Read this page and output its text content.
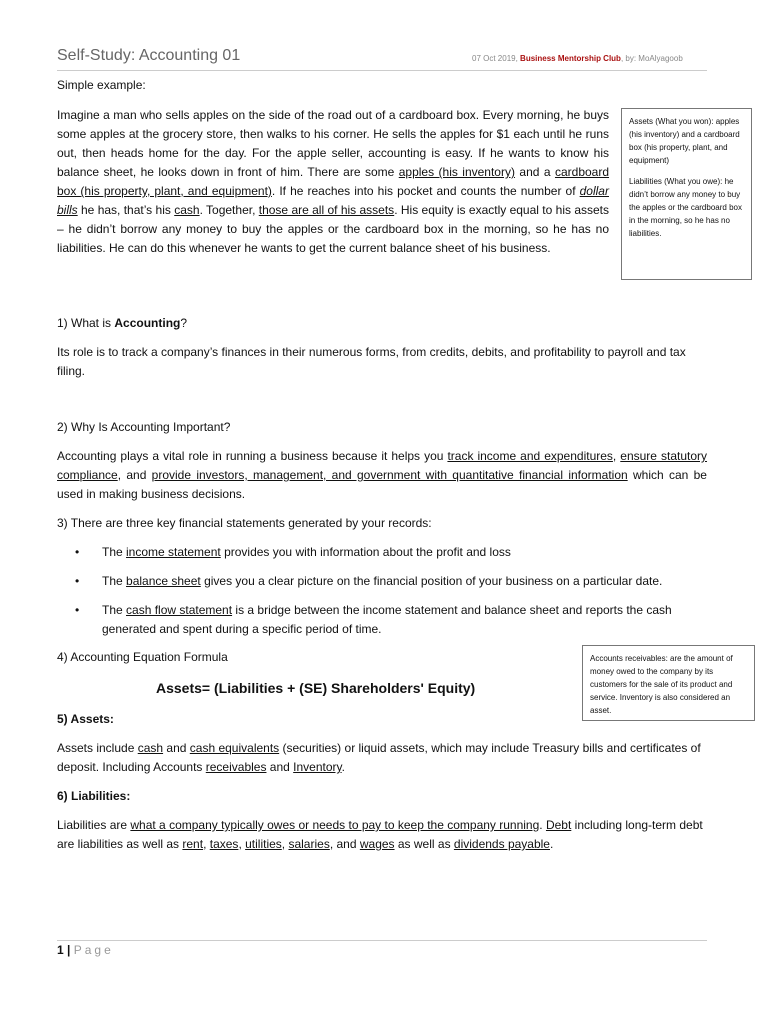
Self-Study: Accounting 01	07 Oct 2019, Business Mentorship Club, by: MoAlyagoob
Simple example:
Imagine a man who sells apples on the side of the road out of a cardboard box. Every morning, he buys some apples at the grocery store, then walks to his corner. He sells the apples for $1 each until he runs out, then heads home for the day. For the apple seller, accounting is easy. If he wants to know his balance sheet, he looks down in front of him. There are some apples (his inventory) and a cardboard box (his property, plant, and equipment). If he reaches into his pocket and counts the number of dollar bills he has, that’s his cash. Together, those are all of his assets. His equity is exactly equal to his assets – he didn’t borrow any money to buy the apples or the cardboard box in the morning, so he has no liabilities. He can do this whenever he wants to get the current balance sheet of his business.

Assets (What you won): apples (his inventory) and a cardboard box (his property, plant, and equipment)

Liabilities (What you owe): he didn’t borrow any money to buy the apples or the cardboard box in the morning, so he has no liabilities.

1) What is Accounting?
Its role is to track a company’s finances in their numerous forms, from credits, debits, and profitability to payroll and tax filing.
2) Why Is Accounting Important?
Accounting plays a vital role in running a business because it helps you track income and expenditures, ensure statutory compliance, and provide investors, management, and government with quantitative financial information which can be used in making business decisions.
3) There are three key financial statements generated by your records:
• The income statement provides you with information about the profit and loss
• The balance sheet gives you a clear picture on the financial position of your business on a particular date.
• The cash flow statement is a bridge between the income statement and balance sheet and reports the cash generated and spent during a specific period of time.
4) Accounting Equation Formula
Assets= (Liabilities + (SE) Shareholders' Equity)

Accounts receivables: are the amount of money owed to the company by its customers for the sale of its product and service. Inventory is also considered an asset.

5) Assets:
Assets include cash and cash equivalents (securities) or liquid assets, which may include Treasury bills and certificates of deposit. Including Accounts receivables and Inventory.
6) Liabilities:
Liabilities are what a company typically owes or needs to pay to keep the company running. Debt including long-term debt are liabilities as well as rent, taxes, utilities, salaries, and wages as well as dividends payable.
1 | Page
